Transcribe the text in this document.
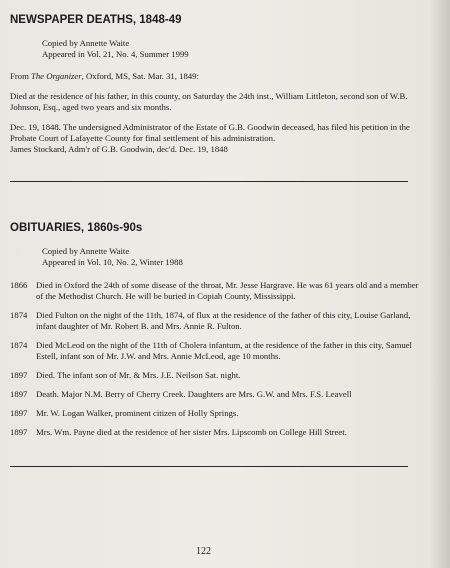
NEWSPAPER DEATHS, 1848-49
Copied by Annette Waite
Appeared in Vol. 21, No. 4, Summer 1999
From The Organizer, Oxford, MS, Sat. Mar. 31, 1849:
Died at the residence of his father, in this county, on Saturday the 24th inst., William Littleton, second son of W.B. Johnson, Esq., aged two years and six months.
Dec. 19, 1848. The undersigned Administrator of the Estate of G.B. Goodwin deceased, has filed his petition in the Probate Court of Lafayette County for final settlement of his administration.
James Stockard, Adm'r of G.B. Goodwin, dec'd. Dec. 19, 1848
OBITUARIES, 1860s-90s
Copied by Annette Waite
Appeared in Vol. 10, No. 2, Winter 1988
1866 Died in Oxford the 24th of some disease of the throat, Mr. Jesse Hargrave. He was 61 years old and a member of the Methodist Church. He will be buried in Copiah County, Mississippi.
1874 Died Fulton on the night of the 11th, 1874, of flux at the residence of the father of this city, Louise Garland, infant daughter of Mr. Robert B. and Mrs. Annie R. Fulton.
1874 Died McLeod on the night of the 11th of Cholera infantum, at the residence of the father in this city, Samuel Estell, infant son of Mr. J.W. and Mrs. Annie McLeod, age 10 months.
1897 Died. The infant son of Mr. & Mrs. J.E. Neilson Sat. night.
1897 Death. Major N.M. Berry of Cherry Creek. Daughters are Mrs. G.W. and Mrs. F.S. Leavell
1897 Mr. W. Logan Walker, prominent citizen of Holly Springs.
1897 Mrs. Wm. Payne died at the residence of her sister Mrs. Lipscomb on College Hill Street.
122
